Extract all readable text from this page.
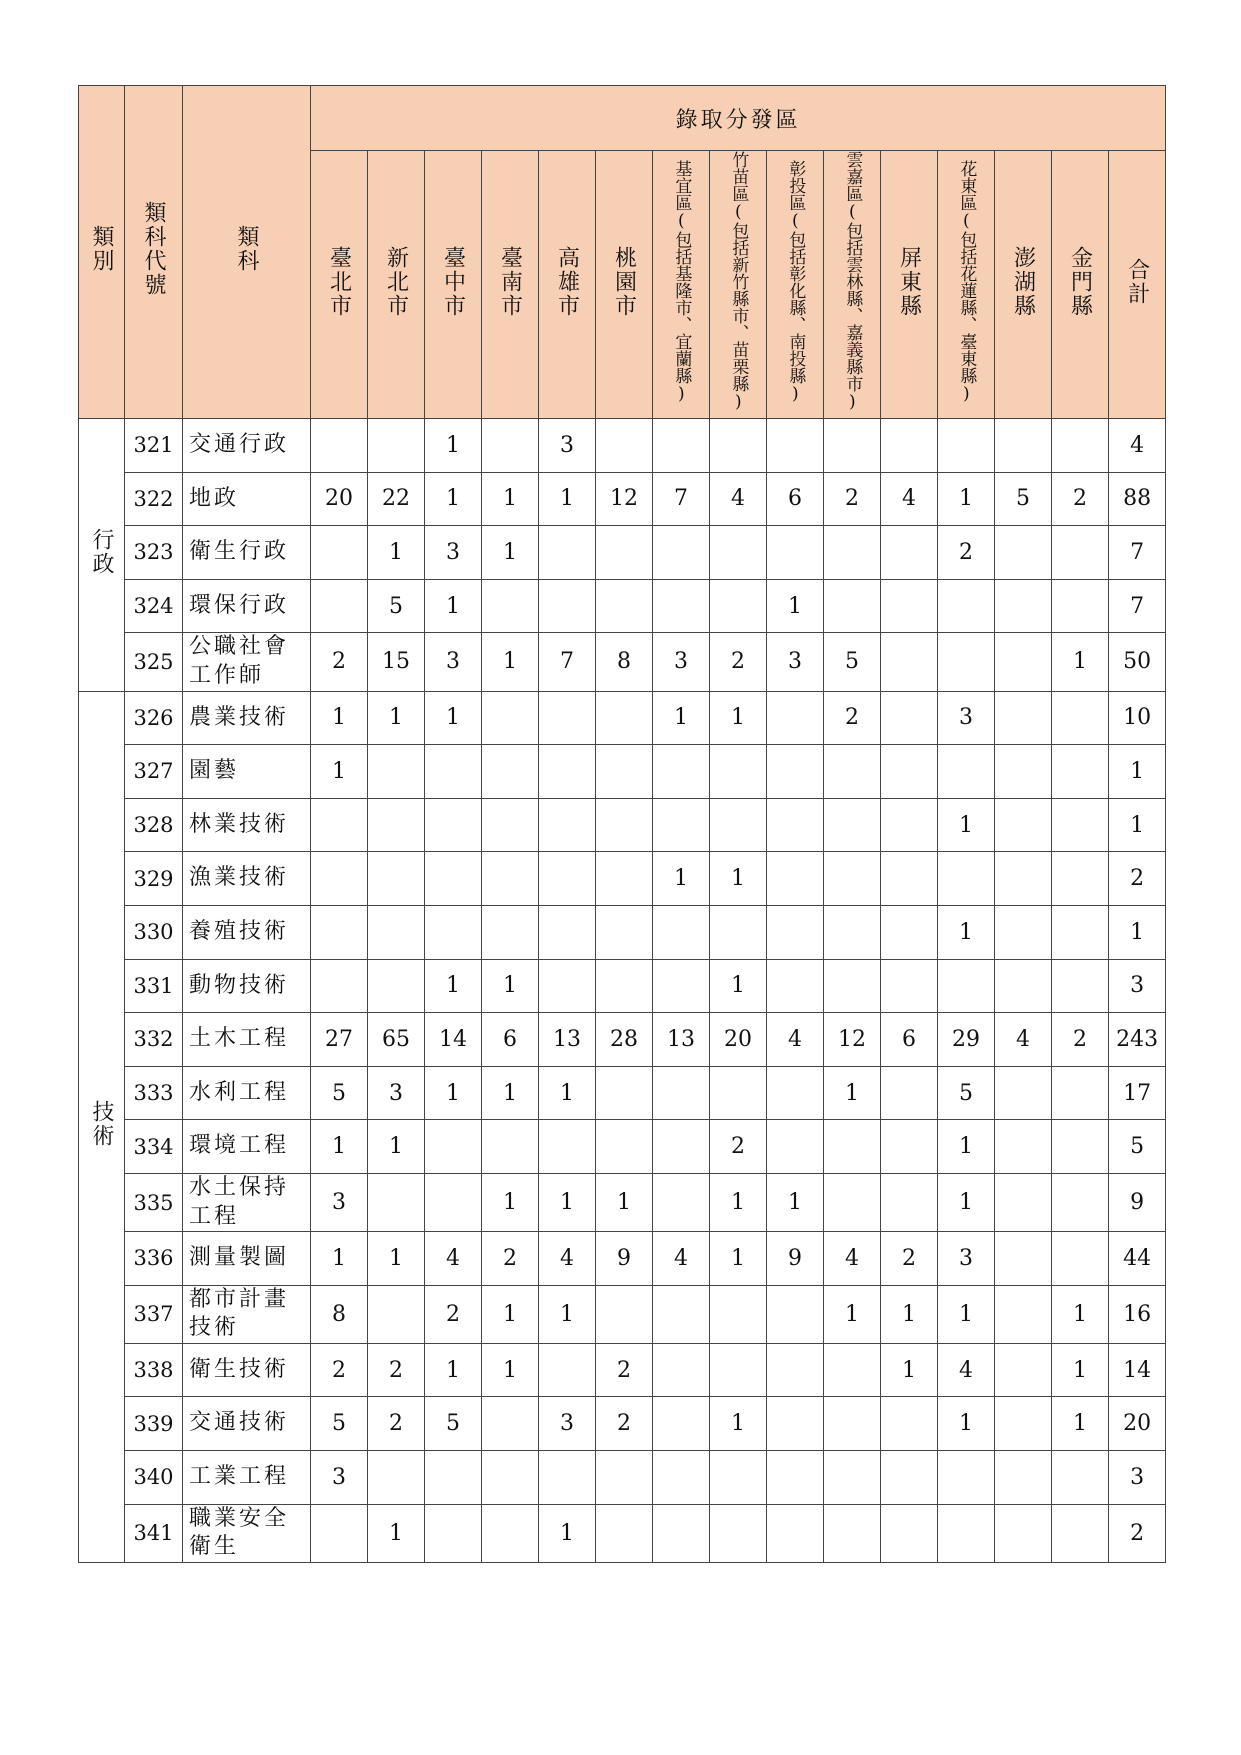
類別	類科代號	類科	錄取分發區														
			臺北市	新北市	臺中市	臺南市	高雄市	桃園市	基宜區(包括基隆市、宜蘭縣)	竹苗區(包括新竹縣市、苗栗縣)	彰投區(包括彰化縣、南投縣)	雲嘉區(包括雲林縣、嘉義縣市)	屏東縣	花東區(包括花蓮縣、臺東縣)	澎湖縣	金門縣	合計
行政	321	交通行政			1		3										4
	322	地政	20	22	1	1	1	12	7	4	6	2	4	1	5	2	88
	323	衛生行政		1	3	1								2			7
	324	環保行政		5	1						1						7
	325	公職社會工作師	2	15	3	1	7	8	3	2	3	5				1	50
技術	326	農業技術	1	1	1				1	1		2		3			10
	327	園藝	1														1
	328	林業技術												1			1
	329	漁業技術							1	1							2
	330	養殖技術												1			1
	331	動物技術			1	1				1							3
	332	土木工程	27	65	14	6	13	28	13	20	4	12	6	29	4	2	243
	333	水利工程	5	3	1	1	1					1		5			17
	334	環境工程	1	1						2				1			5
	335	水土保持工程	3			1	1	1		1	1			1			9
	336	測量製圖	1	1	4	2	4	9	4	1	9	4	2	3			44
	337	都市計畫技術	8		2	1	1					1	1	1		1	16
	338	衛生技術	2	2	1	1		2					1	4		1	14
	339	交通技術	5	2	5		3	2		1				1		1	20
	340	工業工程	3														3
	341	職業安全衛生		1			1										2
